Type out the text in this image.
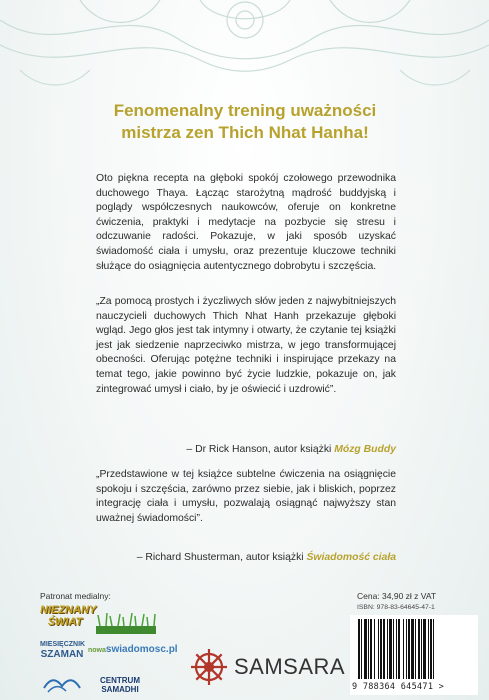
Fenomenalny trening uważności
mistrza zen Thich Nhat Hanha!
Oto piękna recepta na głęboki spokój czołowego przewodnika duchowego Thaya. Łącząc starożytną mądrość buddyjską i poglądy współczesnych naukowców, oferuje on konkretne ćwiczenia, praktyki i medytacje na pozbycie się stresu i odczuwanie radości. Pokazuje, w jaki sposób uzyskać świadomość ciała i umysłu, oraz prezentuje kluczowe techniki służące do osiągnięcia autentycznego dobrobytu i szczęścia.
„Za pomocą prostych i życzliwych słów jeden z najwybitniejszych nauczycieli duchowych Thich Nhat Hanh przekazuje głęboki wgląd. Jego głos jest tak intymny i otwarty, że czytanie tej książki jest jak siedzenie naprzeciwko mistrza, w jego transformującej obecności. Oferując potężne techniki i inspirujące przekazy na temat tego, jakie powinno być życie ludzkie, pokazuje on, jak zintegrować umysł i ciało, by je oświecić i uzdrowić”.
– Dr Rick Hanson, autor książki Mózg Buddy
„Przedstawione w tej książce subtelne ćwiczenia na osiągnięcie spokoju i szczęścia, zarówno przez siebie, jak i bliskich, poprzez integrację ciała i umysłu, pozwalają osiągnąć najwyższy stan uważnej świadomości”.
– Richard Shusterman, autor książki Świadomość ciała
Patronat medialny:
NIEZNANY
ŚWIAT
MIESIĘCZNIK
SZAMAN nowaswiadomosc.pl
CENTRUM SAMADHI
SAMSARA
Cena: 34,90 zł z VAT
ISBN: 978-83-64645-47-1
9 788364 645471 >
